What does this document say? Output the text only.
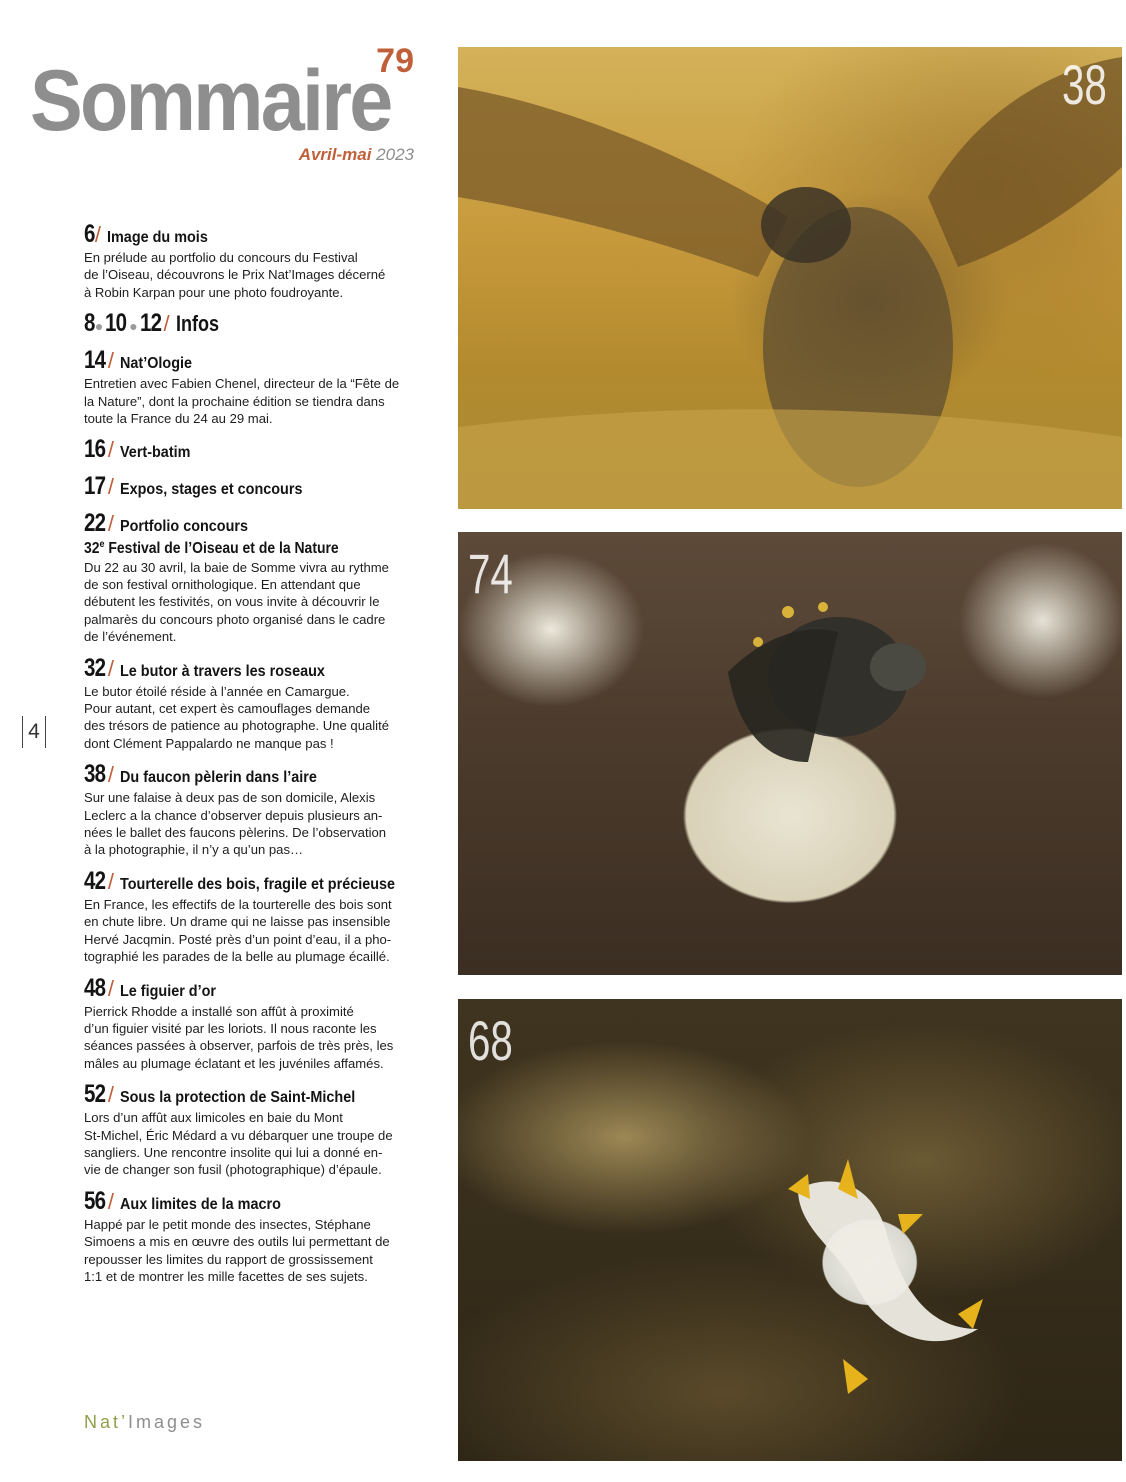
Sommaire
79
Avril-mai 2023
6 / Image du mois
En prélude au portfolio du concours du Festival
de l’Oiseau, découvrons le Prix Nat’Images décerné
à Robin Karpan pour une photo foudroyante.
8 ● 10 ● 12 / Infos
14 / Nat’Ologie
Entretien avec Fabien Chenel, directeur de la “Fête de
la Nature”, dont la prochaine édition se tiendra dans
toute la France du 24 au 29 mai.
16 / Vert-batim
17 / Expos, stages et concours
22 / Portfolio concours
32e Festival de l’Oiseau et de la Nature
Du 22 au 30 avril, la baie de Somme vivra au rythme
de son festival ornithologique. En attendant que
débutent les festivités, on vous invite à découvrir le
palmarès du concours photo organisé dans le cadre
de l’événement.
32 / Le butor à travers les roseaux
Le butor étoilé réside à l’année en Camargue.
Pour autant, cet expert ès camouflages demande
des trésors de patience au photographe. Une qualité
dont Clément Pappalardo ne manque pas !
38 / Du faucon pèlerin dans l’aire
Sur une falaise à deux pas de son domicile, Alexis
Leclerc a la chance d’observer depuis plusieurs an-
nées le ballet des faucons pèlerins. De l’observation
à la photographie, il n’y a qu’un pas…
42 / Tourterelle des bois, fragile et précieuse
En France, les effectifs de la tourterelle des bois sont
en chute libre. Un drame qui ne laisse pas insensible
Hervé Jacqmin. Posté près d’un point d’eau, il a pho-
tographié les parades de la belle au plumage écaillé.
48 / Le figuier d’or
Pierrick Rhodde a installé son affût à proximité
d’un figuier visité par les loriots. Il nous raconte les
séances passées à observer, parfois de très près, les
mâles au plumage éclatant et les juvéniles affamés.
52 / Sous la protection de Saint-Michel
Lors d’un affût aux limicoles en baie du Mont
St-Michel, Éric Médard a vu débarquer une troupe de
sangliers. Une rencontre insolite qui lui a donné en-
vie de changer son fusil (photographique) d’épaule.
56 / Aux limites de la macro
Happé par le petit monde des insectes, Stéphane
Simoens a mis en œuvre des outils lui permettant de
repousser les limites du rapport de grossissement
1:1 et de montrer les mille facettes de ses sujets.
4
Nat’Images
38
74
68
